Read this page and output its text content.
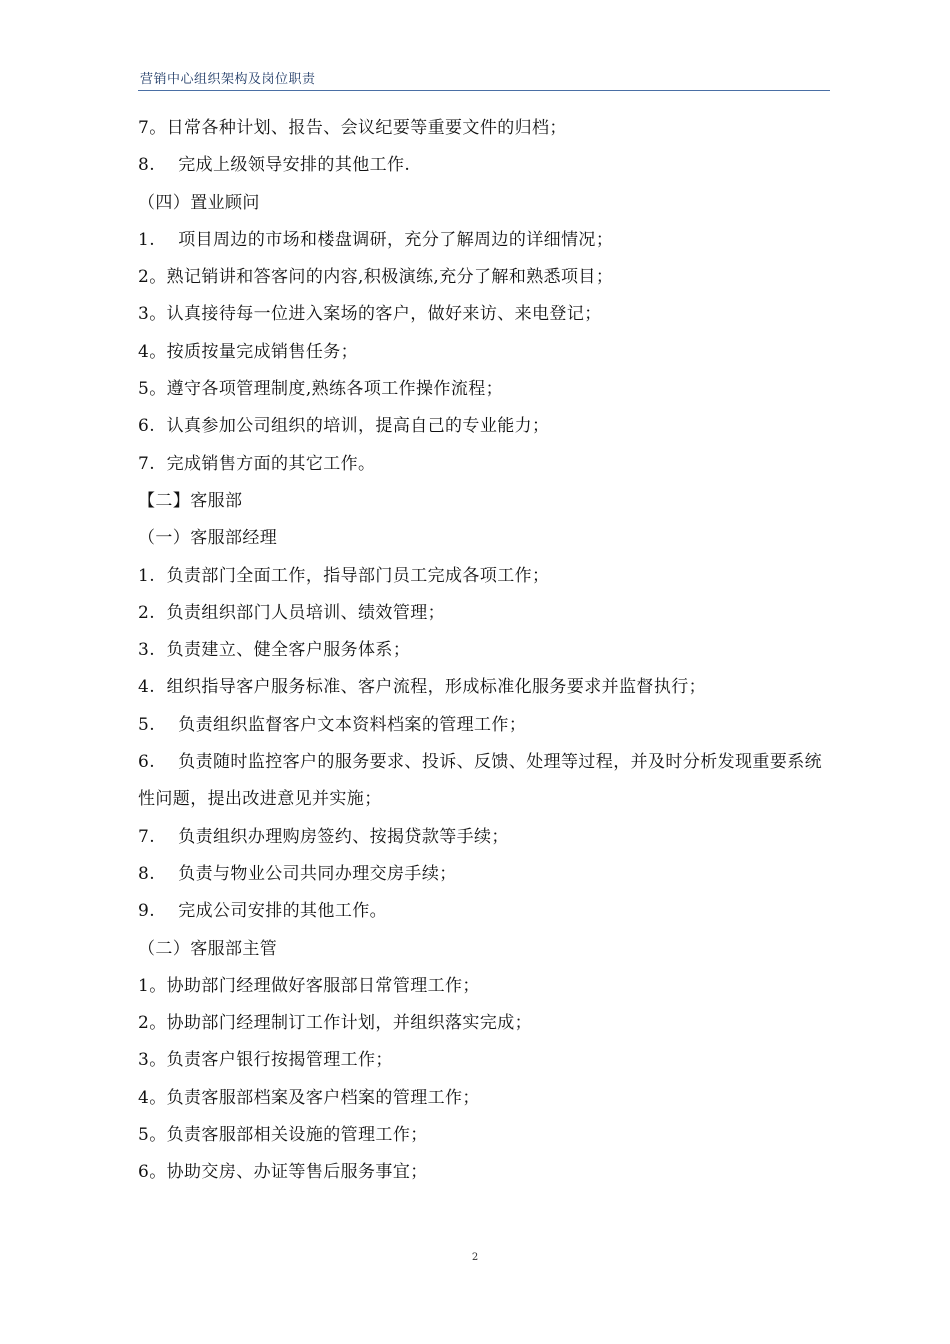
营销中心组织架构及岗位职责
7。日常各种计划、报告、会议纪要等重要文件的归档；
8.    完成上级领导安排的其他工作.
（四）置业顾问
1.    项目周边的市场和楼盘调研，充分了解周边的详细情况；
2。熟记销讲和答客问的内容,积极演练,充分了解和熟悉项目；
3。认真接待每一位进入案场的客户，做好来访、来电登记；
4。按质按量完成销售任务；
5。遵守各项管理制度,熟练各项工作操作流程；
6.  认真参加公司组织的培训，提高自己的专业能力；
7.  完成销售方面的其它工作。
【二】客服部
（一）客服部经理
1.  负责部门全面工作，指导部门员工完成各项工作；
2.  负责组织部门人员培训、绩效管理；
3.  负责建立、健全客户服务体系；
4.  组织指导客户服务标准、客户流程，形成标准化服务要求并监督执行；
5.    负责组织监督客户文本资料档案的管理工作；
6.    负责随时监控客户的服务要求、投诉、反馈、处理等过程，并及时分析发现重要系统性问题，提出改进意见并实施；
7.    负责组织办理购房签约、按揭贷款等手续；
8.    负责与物业公司共同办理交房手续；
9.    完成公司安排的其他工作。
（二）客服部主管
1。协助部门经理做好客服部日常管理工作；
2。协助部门经理制订工作计划，并组织落实完成；
3。负责客户银行按揭管理工作；
4。负责客服部档案及客户档案的管理工作；
5。负责客服部相关设施的管理工作；
6。协助交房、办证等售后服务事宜；
2
